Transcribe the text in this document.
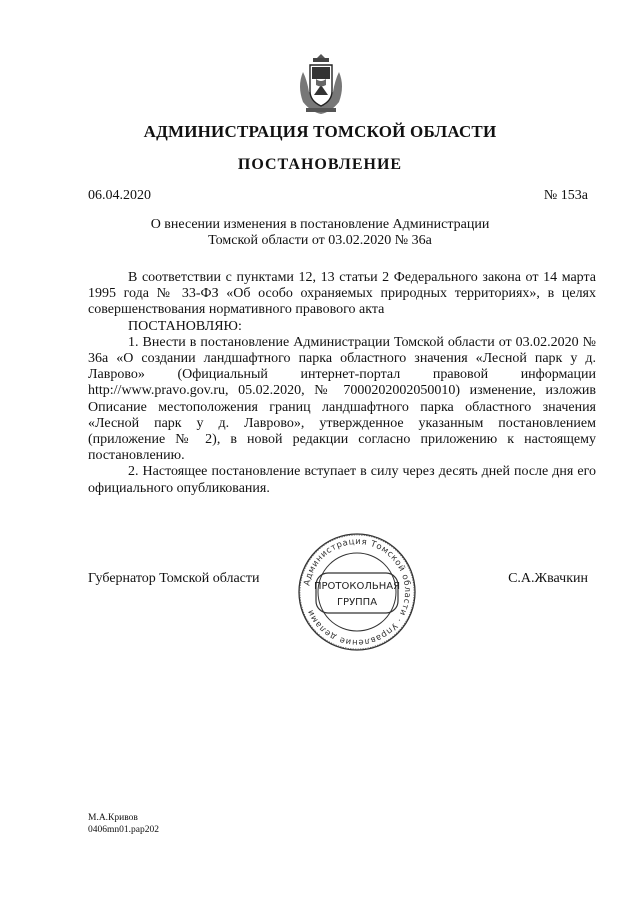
АДМИНИСТРАЦИЯ ТОМСКОЙ ОБЛАСТИ
ПОСТАНОВЛЕНИЕ
06.04.2020	№ 153а
О внесении изменения в постановление Администрации
Томской области от 03.02.2020 № 36а

В соответствии с пунктами 12, 13 статьи 2 Федерального закона от 14 марта 1995 года № 33-ФЗ «Об особо охраняемых природных территориях», в целях совершенствования нормативного правового акта

ПОСТАНОВЛЯЮ:

1. Внести в постановление Администрации Томской области от 03.02.2020 № 36а «О создании ландшафтного парка областного значения «Лесной парк у д. Лаврово» (Официальный интернет-портал правовой информации http://www.pravo.gov.ru, 05.02.2020, № 7000202002050010) изменение, изложив Описание местоположения границ ландшафтного парка областного значения «Лесной парк у д. Лаврово», утвержденное указанным постановлением (приложение № 2), в новой редакции согласно приложению к настоящему постановлению.

2. Настоящее постановление вступает в силу через десять дней после дня его официального опубликования.

Губернатор Томской области	С.А.Жвачкин
Администрация Томской области · Управление делами
ПРОТОКОЛЬНАЯ
ГРУППА
М.А.Кривов
0406mn01.pap202
